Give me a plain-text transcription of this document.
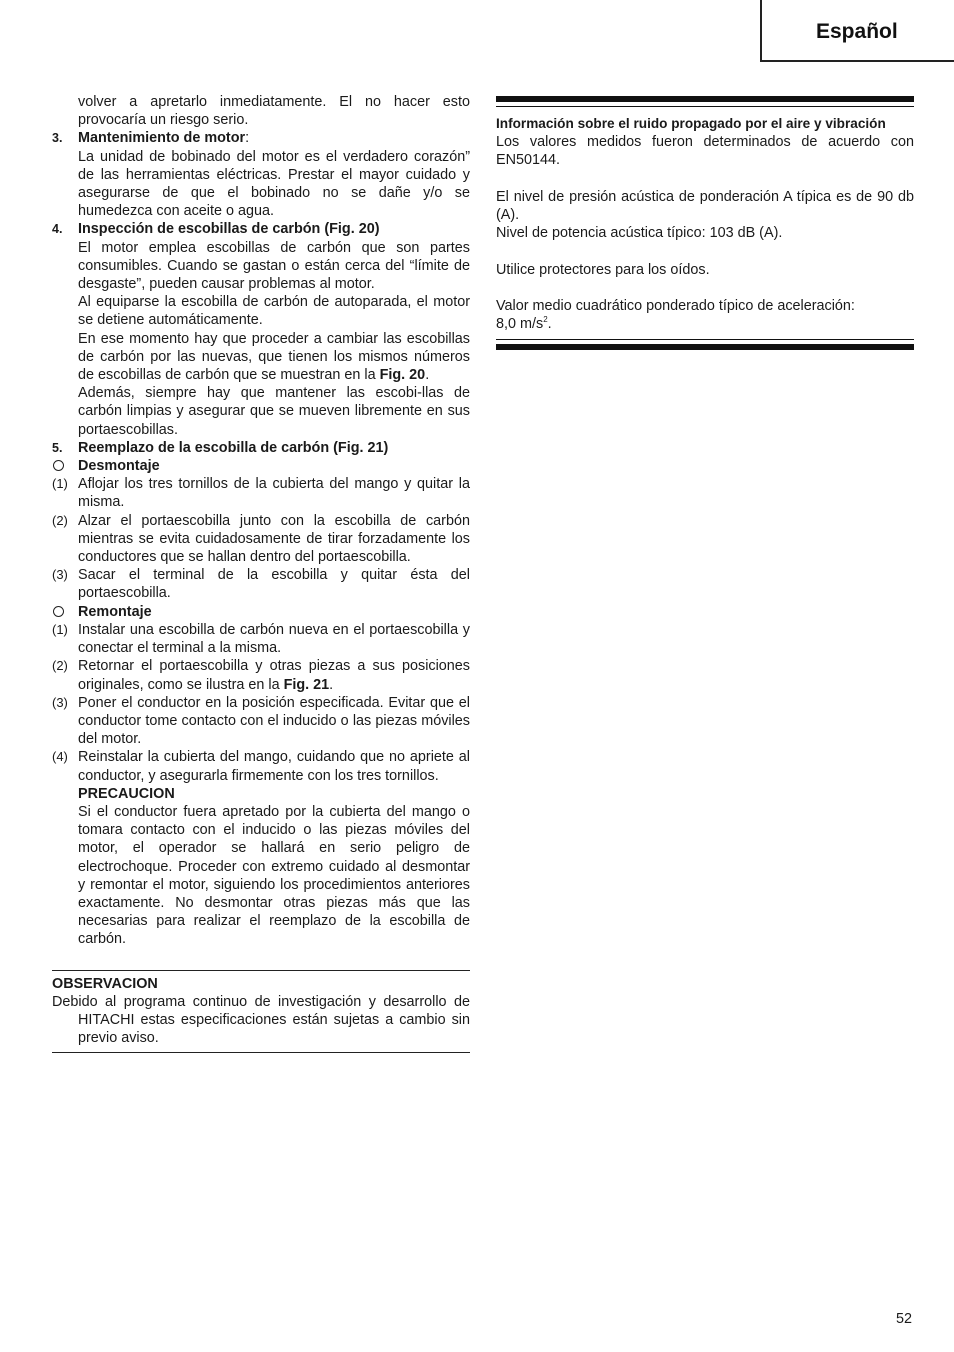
Español

volver a apretarlo inmediatamente. El no hacer esto provocaría un riesgo serio.

3. Mantenimiento de motor:
La unidad de bobinado del motor es el verdadero corazón” de las herramientas eléctricas. Prestar el mayor cuidado y asegurarse de que el bobinado no se dañe y/o se humedezca con aceite o agua.
4. Inspección de escobillas de carbón (Fig. 20)
El motor emplea escobillas de carbón que son partes consumibles. Cuando se gastan o están cerca del “límite de desgaste”, pueden causar problemas al motor.
Al equiparse la escobilla de carbón de autoparada, el motor se detiene automáticamente.
En ese momento hay que proceder a cambiar las escobillas de carbón por las nuevas, que tienen los mismos números de escobillas de carbón que se muestran en la Fig. 20.
Además, siempre hay que mantener las escobi-llas de carbón limpias y asegurar que se mueven libremente en sus portaescobillas.
5. Reemplazo de la escobilla de carbón (Fig. 21)
Desmontaje
(1) Aflojar los tres tornillos de la cubierta del mango y quitar la misma.
(2) Alzar el portaescobilla junto con la escobilla de carbón mientras se evita cuidadosamente de tirar forzadamente los conductores que se hallan dentro del portaescobilla.
(3) Sacar el terminal de la escobilla y quitar ésta del portaescobilla.
Remontaje
(1) Instalar una escobilla de carbón nueva en el portaescobilla y conectar el terminal a la misma.
(2) Retornar el portaescobilla y otras piezas a sus posiciones originales, como se ilustra en la Fig. 21.
(3) Poner el conductor en la posición especificada. Evitar que el conductor tome contacto con el inducido o las piezas móviles del motor.
(4) Reinstalar la cubierta del mango, cuidando que no apriete al conductor, y asegurarla firmemente con los tres tornillos.
PRECAUCION
Si el conductor fuera apretado por la cubierta del mango o tomara contacto con el inducido o las piezas móviles del motor, el operador se hallará en serio peligro de electrochoque. Proceder con extremo cuidado al desmontar y remontar el motor, siguiendo los procedimientos anteriores exactamente. No desmontar otras piezas más que las necesarias para realizar el reemplazo de la escobilla de carbón.
OBSERVACION
Debido al programa continuo de investigación y desarrollo de HITACHI estas especificaciones están sujetas a cambio sin previo aviso.
Información sobre el ruido propagado por el aire y vibración

Los valores medidos fueron determinados de acuerdo con EN50144.

El nivel de presión acústica de ponderación A típica es de 90 db (A).

Nivel de potencia acústica típico: 103 dB (A).

Utilice protectores para los oídos.

Valor medio cuadrático ponderado típico de aceleración:

8,0 $m/s^2$.

52
